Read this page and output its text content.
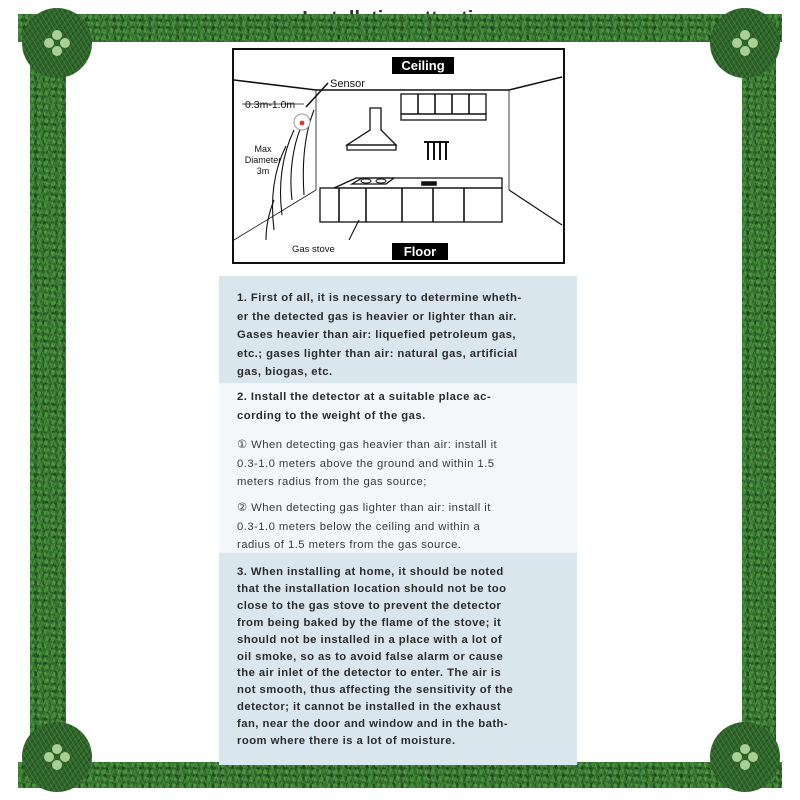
Ceiling
Floor
Sensor
0.3m-1.0m
Max
Diameter
3m
Gas stove

1. First of all, it is necessary to determine wheth-
er the detected gas is heavier or lighter than air.
Gases heavier than air: liquefied petroleum gas,
etc.; gases lighter than air: natural gas, artificial
gas, biogas, etc.

2. Install the detector at a suitable place ac-
cording to the weight of the gas.

① When detecting gas heavier than air: install it
0.3-1.0 meters above the ground and within 1.5
meters radius from the gas source;

② When detecting gas lighter than air: install it
0.3-1.0 meters below the ceiling and within a
radius of 1.5 meters from the gas source.

3. When installing at home, it should be noted
that the installation location should not be too
close to the gas stove to prevent the detector
from being baked by the flame of the stove; it
should not be installed in a place with a lot of
oil smoke, so as to avoid false alarm or cause
the air inlet of the detector to enter. The air is
not smooth, thus affecting the sensitivity of the
detector; it cannot be installed in the exhaust
fan, near the door and window and in the bath-
room where there is a lot of moisture.
